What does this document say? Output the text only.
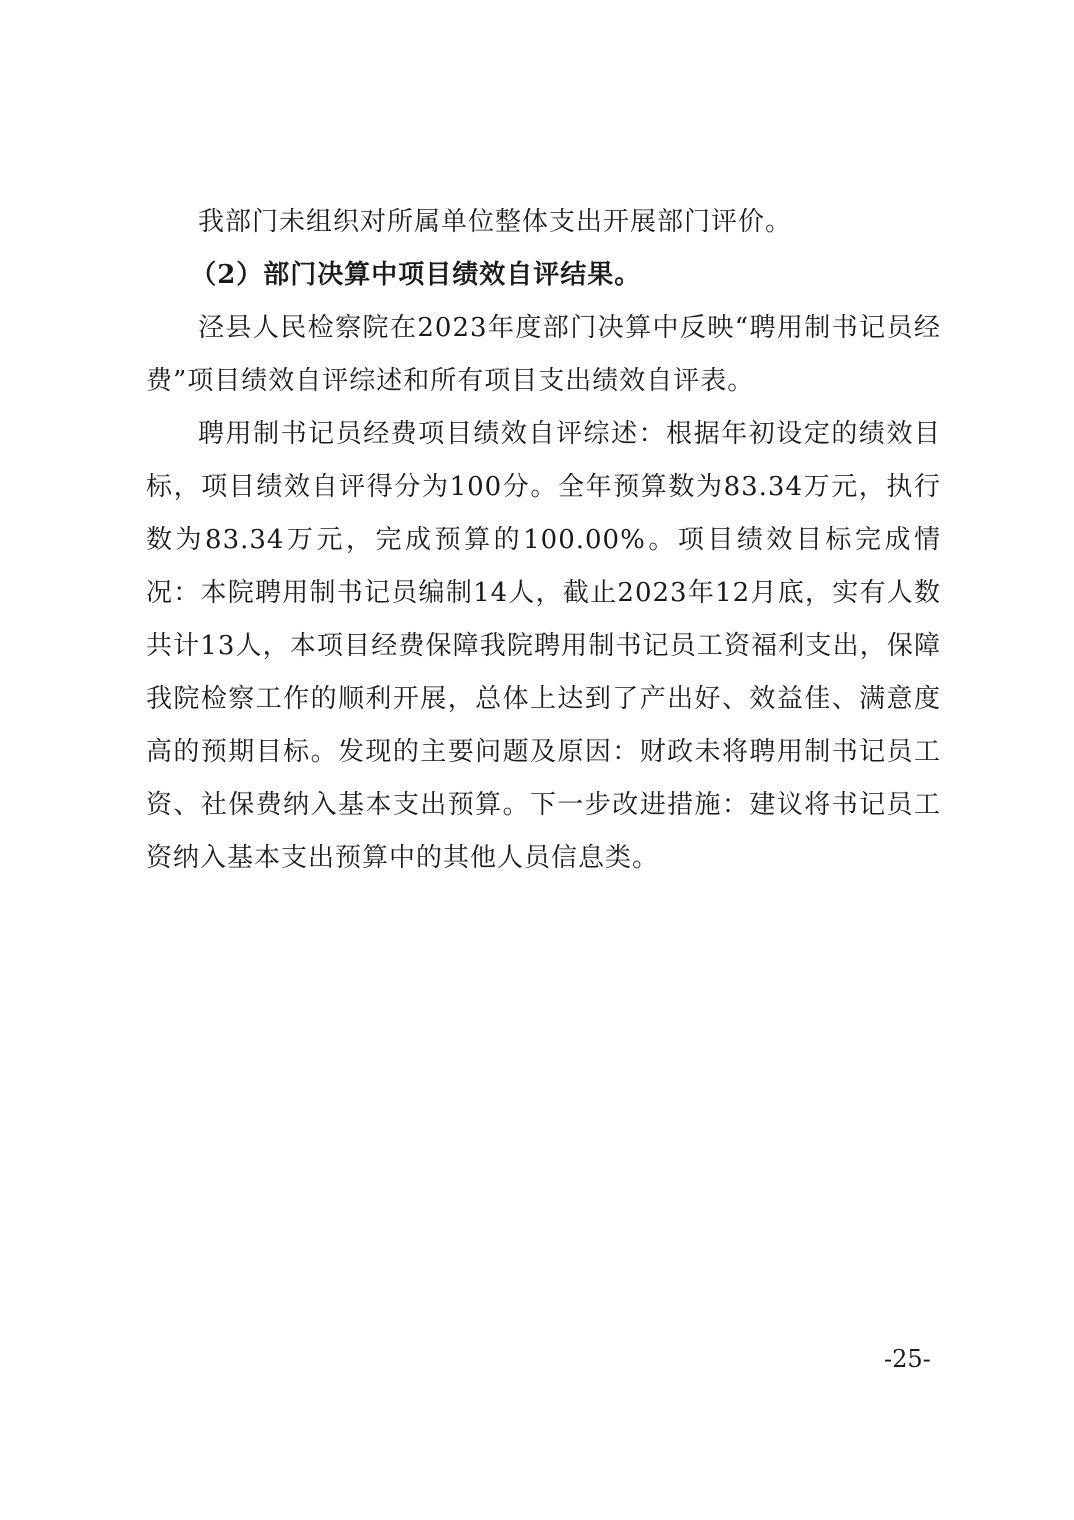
我部门未组织对所属单位整体支出开展部门评价。

（2）部门决算中项目绩效自评结果。

泾县人民检察院在2023年度部门决算中反映“聘用制书记员经费”项目绩效自评综述和所有项目支出绩效自评表。

聘用制书记员经费项目绩效自评综述：根据年初设定的绩效目标，项目绩效自评得分为100分。全年预算数为83.34万元，执行数为83.34万元，完成预算的100.00%。项目绩效目标完成情况：本院聘用制书记员编制14人，截止2023年12月底，实有人数共计13人，本项目经费保障我院聘用制书记员工资福利支出，保障我院检察工作的顺利开展，总体上达到了产出好、效益佳、满意度高的预期目标。发现的主要问题及原因：财政未将聘用制书记员工资、社保费纳入基本支出预算。下一步改进措施：建议将书记员工资纳入基本支出预算中的其他人员信息类。

-25-
